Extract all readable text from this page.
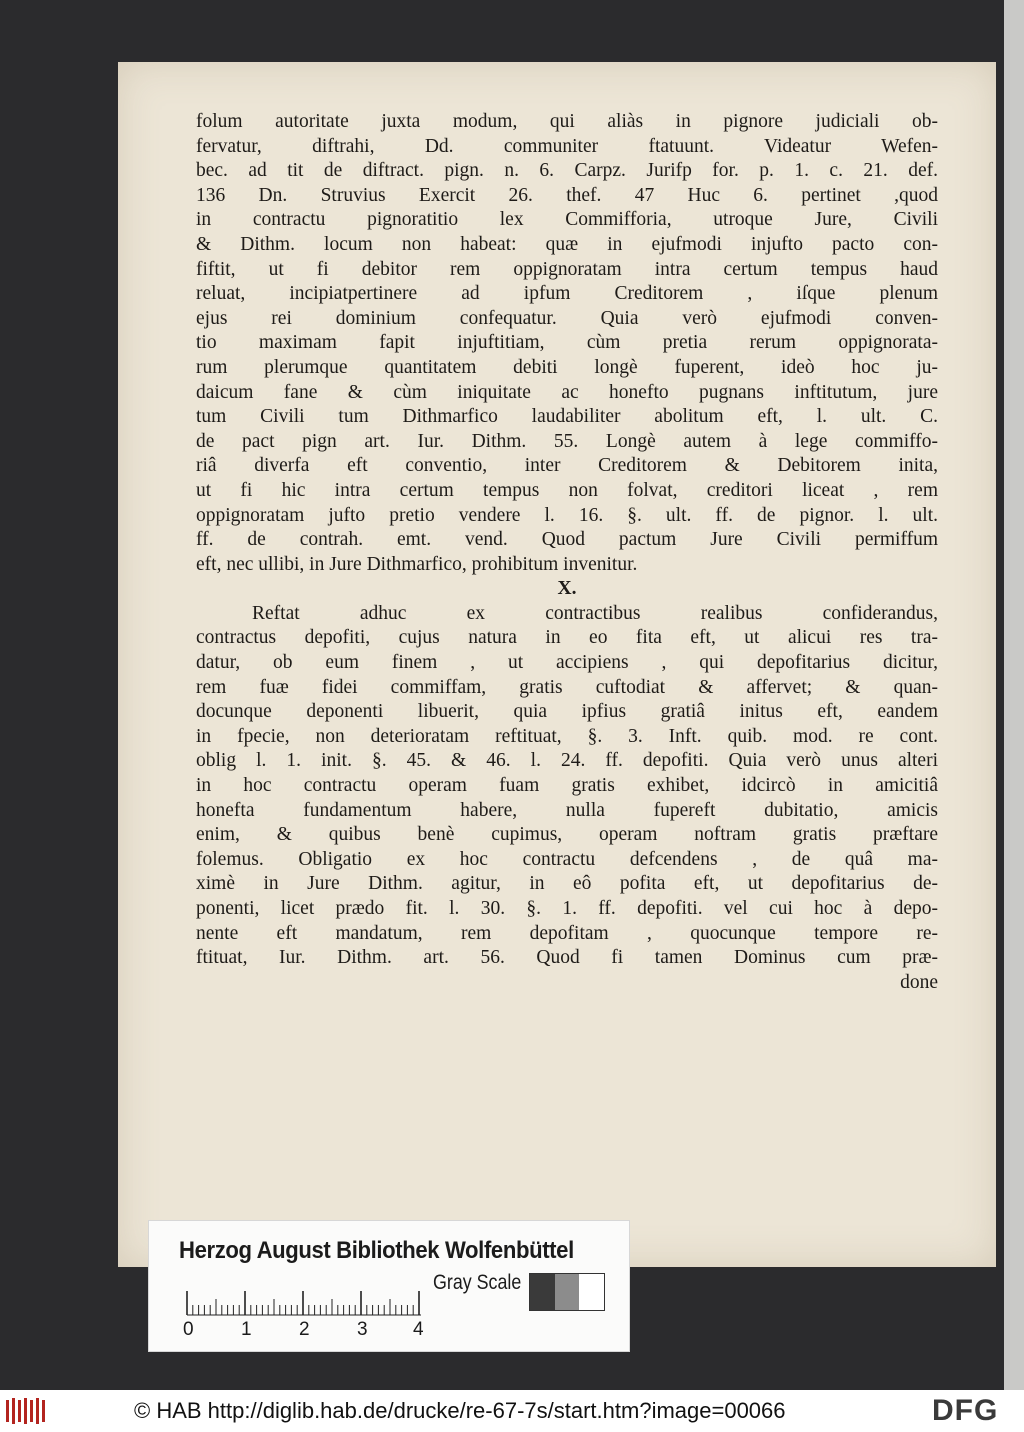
folum autoritate juxta modum, qui aliàs in pignore judiciali ob-
fervatur, diftrahi, Dd. communiter ftatuunt. Videatur Wefen-
bec. ad tit de diftract. pign. n. 6. Carpz. Jurifp for. p. 1. c. 21. def.
136 Dn. Struvius Exercit 26. thef. 47 Huc 6. pertinet ,quod
in contractu pignoratitio lex Commifforia, utroque Jure, Civili
& Dithm. locum non habeat: quæ in ejufmodi injufto pacto con-
fiftit, ut fi debitor rem oppignoratam intra certum tempus haud
reluat, incipiatpertinere ad ipfum Creditorem , iſque plenum
ejus rei dominium confequatur. Quia verò ejufmodi conven-
tio maximam fapit injuftitiam, cùm pretia rerum oppignorata-
rum plerumque quantitatem debiti longè fuperent, ideò hoc ju-
daicum fane & cùm iniquitate ac honefto pugnans inftitutum, jure
tum Civili tum Dithmarfico laudabiliter abolitum eft, l. ult. C.
de pact pign art. Iur. Dithm. 55. Longè autem à lege commiffo-
riâ diverfa eft conventio, inter Creditorem & Debitorem inita,
ut fi hic intra certum tempus non folvat, creditori liceat , rem
oppignoratam jufto pretio vendere l. 16. §. ult. ff. de pignor. l. ult.
ff. de contrah. emt. vend. Quod pactum Jure Civili permiffum
eft, nec ullibi, in Jure Dithmarfico, prohibitum invenitur.
X.
Reftat adhuc ex contractibus realibus confiderandus,
contractus depofiti, cujus natura in eo fita eft, ut alicui res tra-
datur, ob eum finem , ut accipiens , qui depofitarius dicitur,
rem fuæ fidei commiffam, gratis cuftodiat & affervet; & quan-
docunque deponenti libuerit, quia ipfius gratiâ initus eft, eandem
in fpecie, non deterioratam reftituat, §. 3. Inft. quib. mod. re cont.
oblig l. 1. init. §. 45. & 46. l. 24. ff. depofiti. Quia verò unus alteri
in hoc contractu operam fuam gratis exhibet, idcircò in amicitiâ
honefta fundamentum habere, nulla fupereft dubitatio, amicis
enim, & quibus benè cupimus, operam noftram gratis præftare
folemus. Obligatio ex hoc contractu defcendens , de quâ ma-
ximè in Jure Dithm. agitur, in eô pofita eft, ut depofitarius de-
ponenti, licet prædo fit. l. 30. §. 1. ff. depofiti. vel cui hoc à depo-
nente eft mandatum, rem depofitam , quocunque tempore re-
ftituat, Iur. Dithm. art. 56. Quod fi tamen Dominus cum præ-
done
Herzog August Bibliothek Wolfenbüttel
0 1 2 3 4
Gray Scale
© HAB http://diglib.hab.de/drucke/re-67-7s/start.htm?image=00066	DFG
